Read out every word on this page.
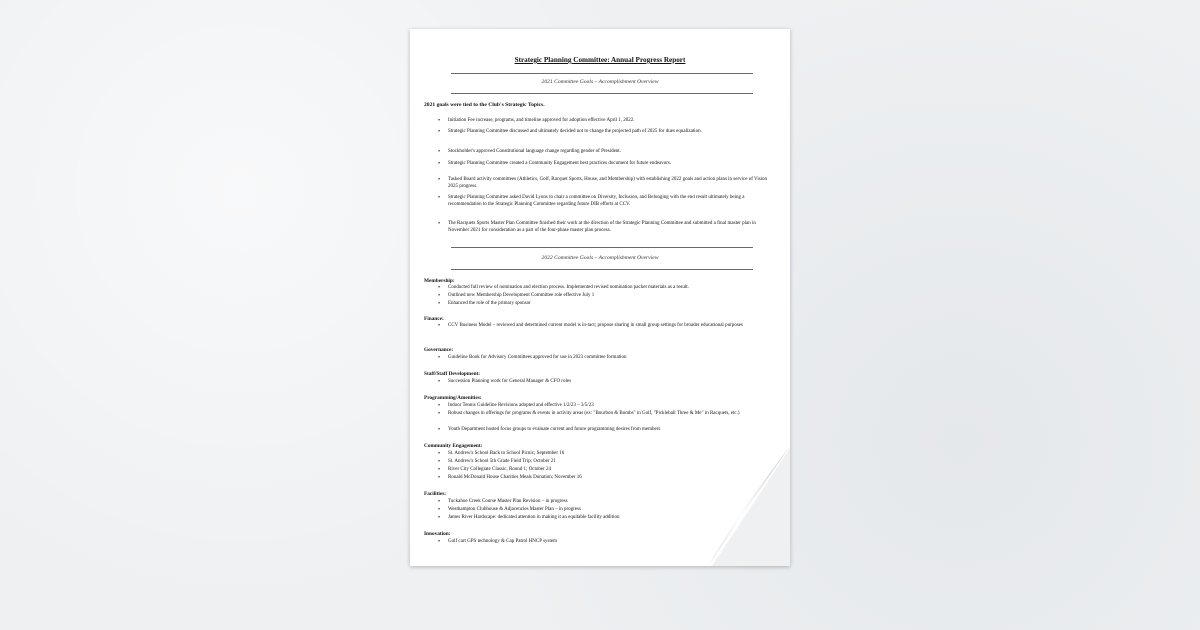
Strategic Planning Committee: Annual Progress Report
2021 Committee Goals – Accomplishment Overview
2021 goals were tied to the Club's Strategic Topics.
• Initiation Fee increase, programs, and timeline approved for adoption effective April 1, 2022.
• Strategic Planning Committee discussed and ultimately decided not to change the projected path of 2025 for dues equalization.
• Stockholder's approved Constitutional language change regarding gender of President.
• Strategic Planning Committee created a Community Engagement best practices document for future endeavors.
• Tasked Board activity committees (Athletics, Golf, Racquet Sports, House, and Membership) with establishing 2022 goals and action plans in service of Vision 2025 progress.
• Strategic Planning Committee asked David Lyons to chair a committee on Diversity, Inclusion, and Belonging with the end result ultimately being a recommendation to the Strategic Planning Committee regarding future DIB efforts at CCV.
• The Racquets Sports Master Plan Committee finished their work at the direction of the Strategic Planning Committee and submitted a final master plan in November 2021 for consideration as a part of the four-phase master plan process.
2022 Committee Goals – Accomplishment Overview
Membership:
• Conducted full review of nomination and election process. Implemented revised nomination packet materials as a result.
• Outlined new Membership Development Committee role effective July 1
• Enhanced the role of the primary sponsor
Finance:
• CCV Business Model – reviewed and determined current model is in-tact; propose sharing in small group settings for broader educational purposes
Governance:
• Guideline Book for Advisory Committees approved for use in 2023 committee formation
Staff/Staff Development:
• Succession Planning work for General Manager & CFO roles
Programming/Amenities:
• Indoor Tennis Guideline Revisions adopted and effective 1/2/23 – 3/5/23
• Robust changes in offerings for programs & events in activity areas (ex: "Bourbon & Bombs" in Golf, "Pickleball Three & Me" in Racquets, etc.)
• Youth Department hosted focus groups to evaluate current and future programming desires from members
Community Engagement:
• St. Andrew's School Back to School Picnic; September 16
• St. Andrew's School 5th Grade Field Trip; October 21
• River City Collegiate Classic, Round 1; October 24
• Ronald McDonald House Charities Meals Donation; November 16
Facilities:
• Tuckahoe Creek Course Master Plan Revision – in progress
• Westhampton Clubhouse & Adjacencies Master Plan – in progress
• James River Hardscape: dedicated attention in making it an equitable facility addition
Innovation:
• Golf cart GPS technology & Cap Patrol HNCP system
